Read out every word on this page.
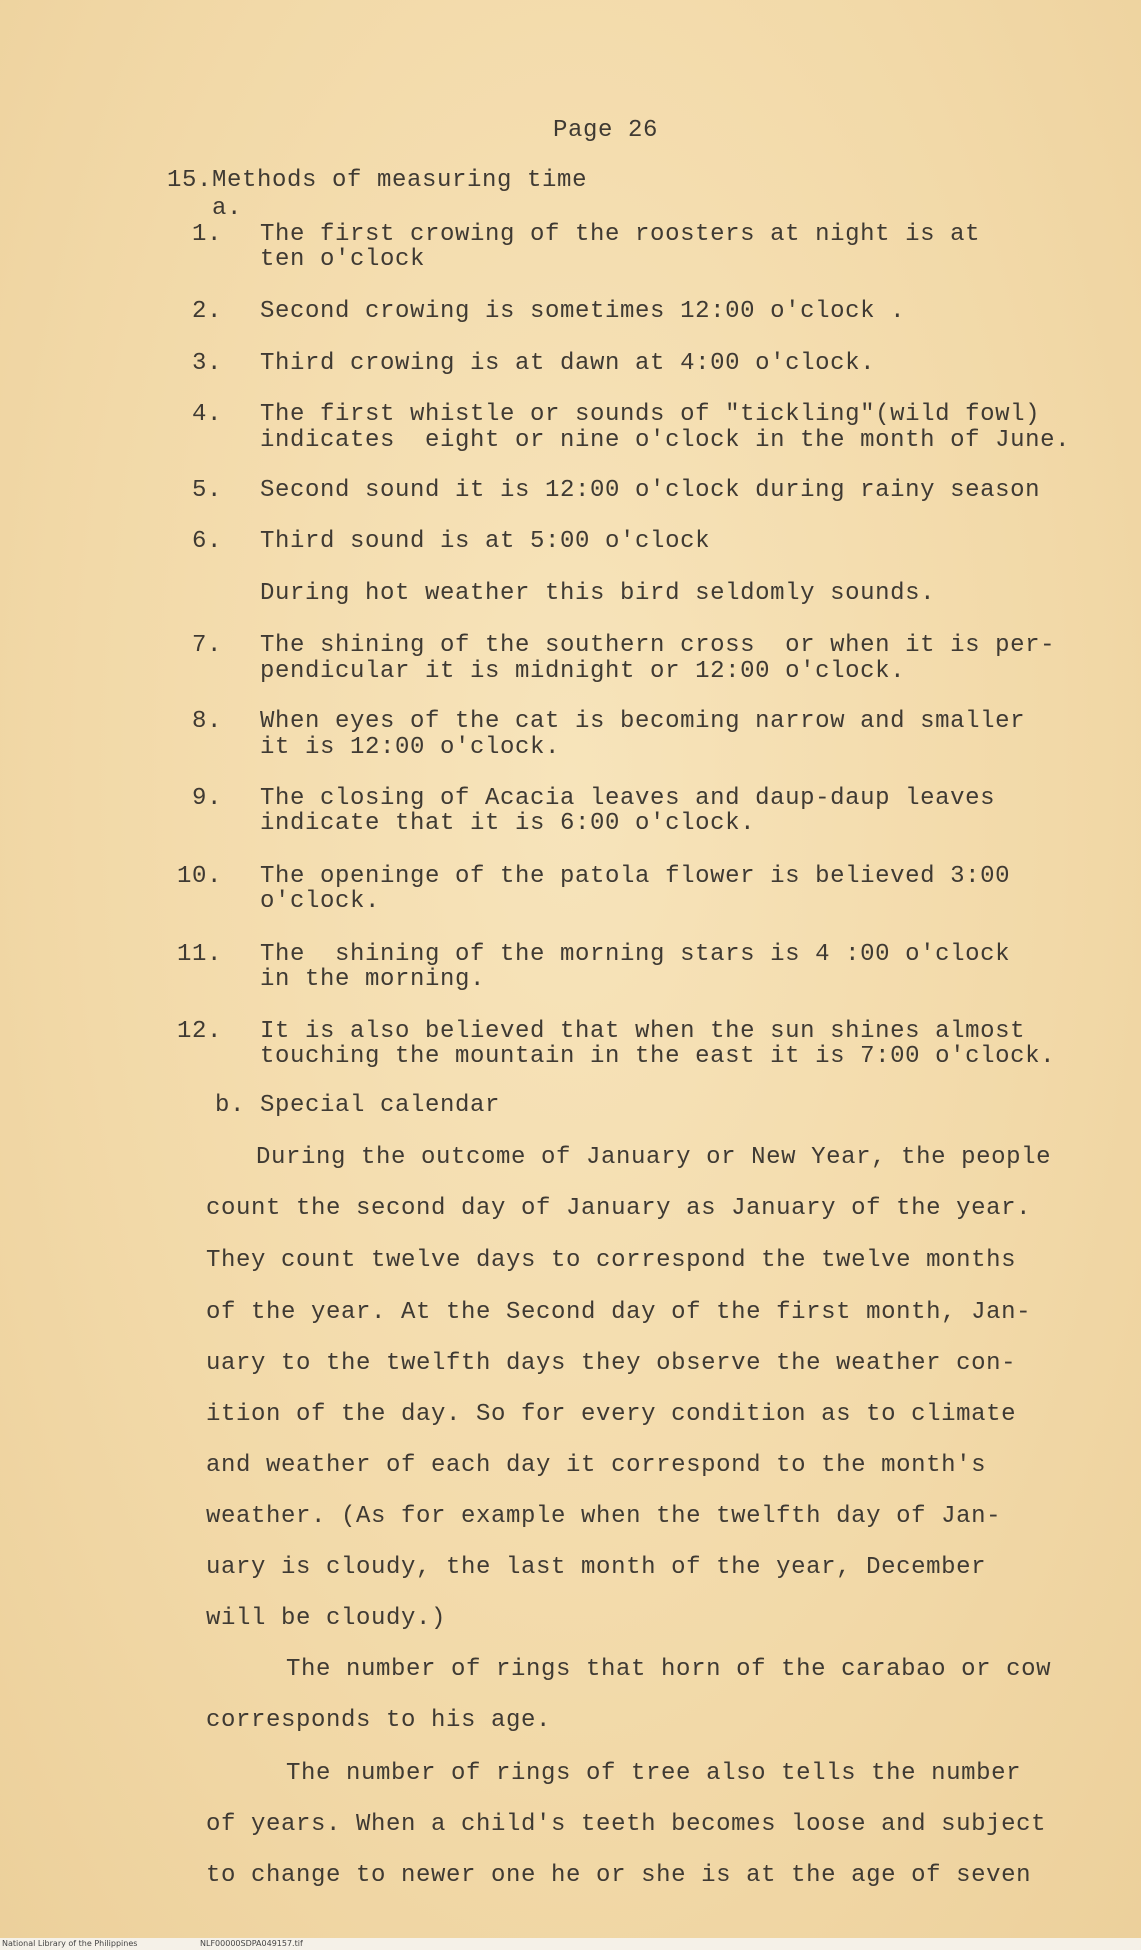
Page 26
15.Methods of measuring time
a.
1. The first crowing of the roosters at night is at
ten o'clock
2. Second crowing is sometimes 12:00 o'clock .
3. Third crowing is at dawn at 4:00 o'clock.
4. The first whistle or sounds of "tickling"(wild fowl)
indicates  eight or nine o'clock in the month of June.
5. Second sound it is 12:00 o'clock during rainy season
6. Third sound is at 5:00 o'clock
During hot weather this bird seldomly sounds.
7. The shining of the southern cross  or when it is per-
pendicular it is midnight or 12:00 o'clock.
8. When eyes of the cat is becoming narrow and smaller
it is 12:00 o'clock.
9. The closing of Acacia leaves and daup-daup leaves
indicate that it is 6:00 o'clock.
10. The openinge of the patola flower is believed 3:00
o'clock.
11. The  shining of the morning stars is 4 :00 o'clock
in the morning.
12. It is also believed that when the sun shines almost
touching the mountain in the east it is 7:00 o'clock.
b. Special calendar
During the outcome of January or New Year, the people
count the second day of January as January of the year.
They count twelve days to correspond the twelve months
of the year. At the Second day of the first month, Jan-
uary to the twelfth days they observe the weather con-
ition of the day. So for every condition as to climate
and weather of each day it correspond to the month's
weather. (As for example when the twelfth day of Jan-
uary is cloudy, the last month of the year, December
will be cloudy.)
The number of rings that horn of the carabao or cow
corresponds to his age.
The number of rings of tree also tells the number
of years. When a child's teeth becomes loose and subject
to change to newer one he or she is at the age of seven
National Library of the Philippines	NLF00000SDPA049157.tif
